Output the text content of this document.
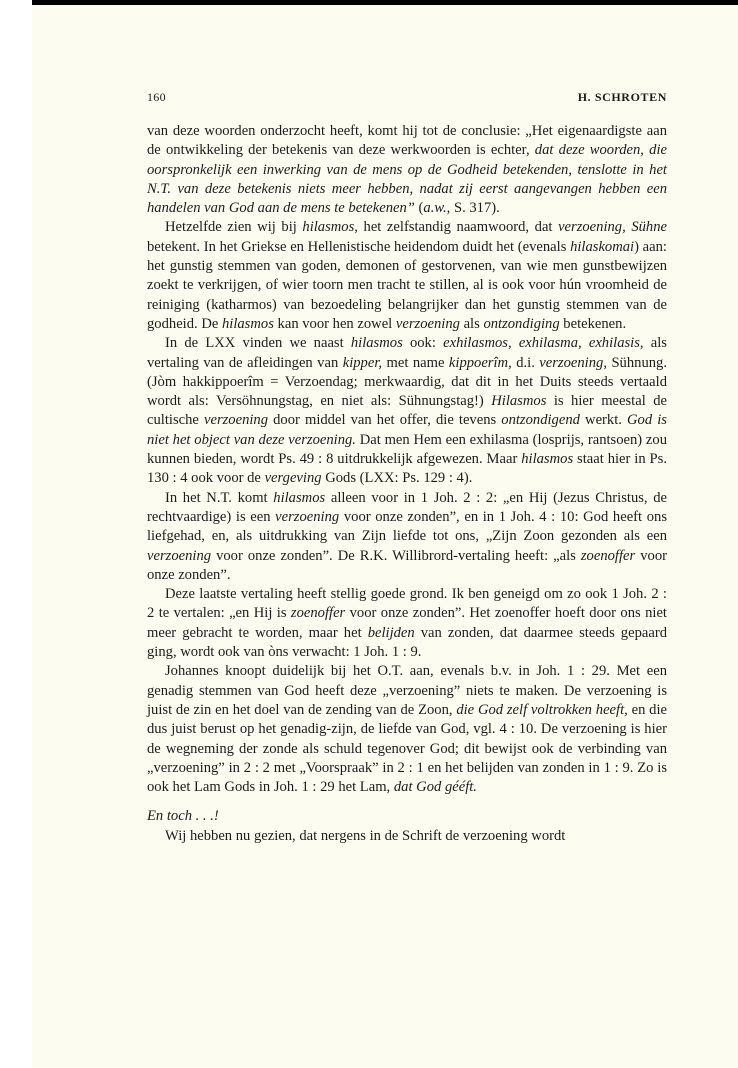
160	H. SCHROTEN

van deze woorden onderzocht heeft, komt hij tot de conclusie: „Het eigenaardigste aan de ontwikkeling der betekenis van deze werkwoorden is echter, dat deze woorden, die oorspronkelijk een inwerking van de mens op de Godheid betekenden, tenslotte in het N.T. van deze betekenis niets meer hebben, nadat zij eerst aangevangen hebben een handelen van God aan de mens te betekenen” (a.w., S. 317).

Hetzelfde zien wij bij hilasmos, het zelfstandig naamwoord, dat verzoening, Sühne betekent. In het Griekse en Hellenistische heidendom duidt het (evenals hilaskomai) aan: het gunstig stemmen van goden, demonen of gestorvenen, van wie men gunstbewijzen zoekt te verkrijgen, of wier toorn men tracht te stillen, al is ook voor hún vroomheid de reiniging (katharmos) van bezoedeling belangrijker dan het gunstig stemmen van de godheid. De hilasmos kan voor hen zowel verzoening als ontzondiging betekenen.

In de LXX vinden we naast hilasmos ook: exhilasmos, exhilasma, exhilasis, als vertaling van de afleidingen van kipper, met name kippoerîm, d.i. verzoening, Sühnung. (Jòm hakkippoerîm = Verzoendag; merkwaardig, dat dit in het Duits steeds vertaald wordt als: Versöhnungstag, en niet als: Sühnungstag!) Hilasmos is hier meestal de cultische verzoening door middel van het offer, die tevens ontzondigend werkt. God is niet het object van deze verzoening. Dat men Hem een exhilasma (losprijs, rantsoen) zou kunnen bieden, wordt Ps. 49 : 8 uitdrukkelijk afgewezen. Maar hilasmos staat hier in Ps. 130 : 4 ook voor de vergeving Gods (LXX: Ps. 129 : 4).

In het N.T. komt hilasmos alleen voor in 1 Joh. 2 : 2: „en Hij (Jezus Christus, de rechtvaardige) is een verzoening voor onze zonden”, en in 1 Joh. 4 : 10: God heeft ons liefgehad, en, als uitdrukking van Zijn liefde tot ons, „Zijn Zoon gezonden als een verzoening voor onze zonden”. De R.K. Willibrord-vertaling heeft: „als zoenoffer voor onze zonden”.

Deze laatste vertaling heeft stellig goede grond. Ik ben geneigd om zo ook 1 Joh. 2 : 2 te vertalen: „en Hij is zoenoffer voor onze zonden”. Het zoenoffer hoeft door ons niet meer gebracht te worden, maar het belijden van zonden, dat daarmee steeds gepaard ging, wordt ook van òns verwacht: 1 Joh. 1 : 9.

Johannes knoopt duidelijk bij het O.T. aan, evenals b.v. in Joh. 1 : 29. Met een genadig stemmen van God heeft deze „verzoening” niets te maken. De verzoening is juist de zin en het doel van de zending van de Zoon, die God zelf voltrokken heeft, en die dus juist berust op het genadig-zijn, de liefde van God, vgl. 4 : 10. De verzoening is hier de wegneming der zonde als schuld tegenover God; dit bewijst ook de verbinding van „verzoening” in 2 : 2 met „Voorspraak” in 2 : 1 en het belijden van zonden in 1 : 9. Zo is ook het Lam Gods in Joh. 1 : 29 het Lam, dat God gééft.

En toch . . .!

Wij hebben nu gezien, dat nergens in de Schrift de verzoening wordt
